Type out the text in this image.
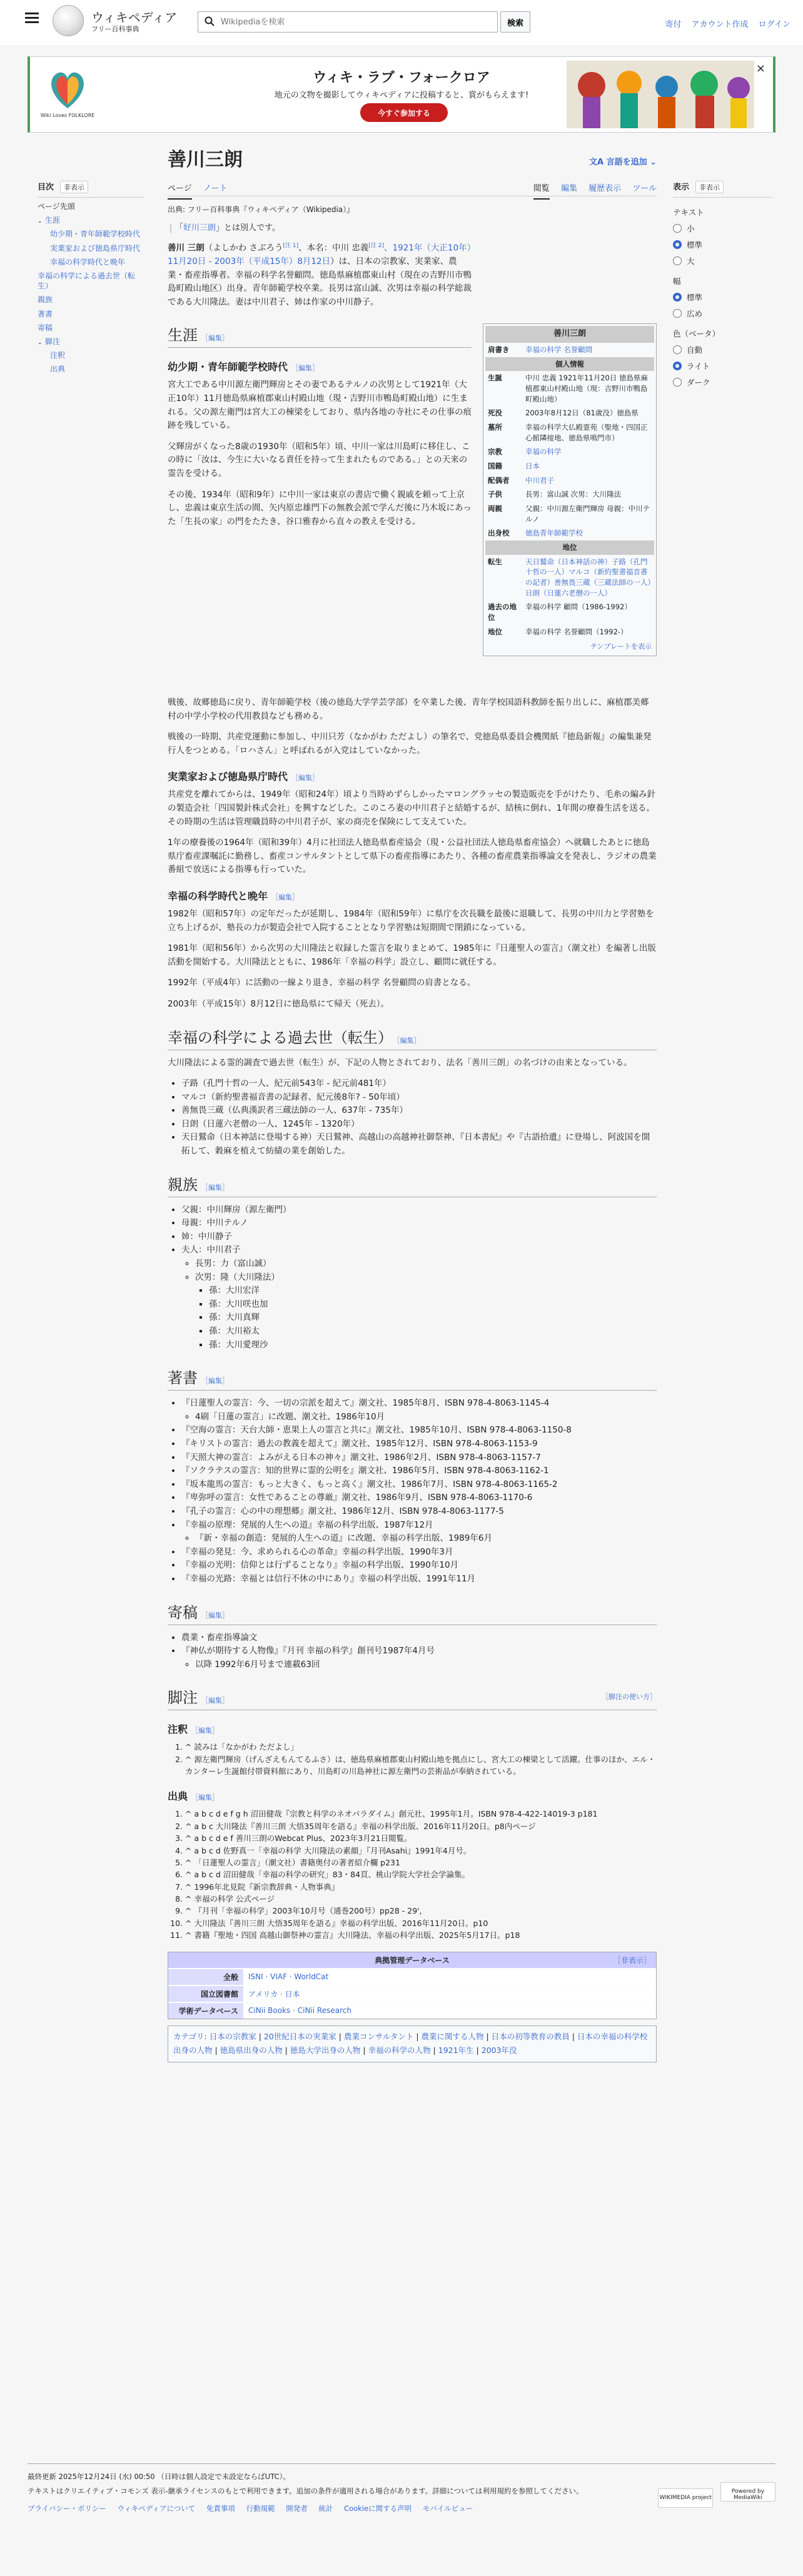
ウィキペディア
フリー百科事典
Wikipediaを検索
検索	寄付 アカウント作成 ログイン
Wiki Loves FOLKLORE
ウィキ・ラブ・フォークロア
地元の文物を撮影してウィキペディアに投稿すると、賞がもらえます!
今すぐ参加する
×
目次 非表示
ページ先頭
⌄ 生涯
幼少期・青年師範学校時代
実業家および徳島県庁時代
幸福の科学時代と晩年
幸福の科学による過去世（転生）
親族
著書
寄稿
⌄ 脚注
注釈
出典
表示 非表示
テキスト
小
標準
大
幅
標準
広め
色（ベータ）
自動
ライト
ダーク
善川三朗	文A 言語を追加 ⌄
ページ ノート	閲覧 編集 履歴表示 ツール
出典: フリー百科事典『ウィキペディア（Wikipedia）』
「好川三朗」とは別人です。

善川 三朗（よしかわ さぶろう[注 1]、本名：中川 忠義[注 2]、1921年（大正10年）11月20日 - 2003年（平成15年）8月12日）は、日本の宗教家、実業家、農業・畜産指導者。幸福の科学名誉顧問。徳島県麻植郡東山村（現在の吉野川市鴨島町殿山地区）出身。青年師範学校卒業。長男は富山誠、次男は幸福の科学総裁である大川隆法。妻は中川君子、姉は作家の中川静子。

生涯 ［編集］
幼少期・青年師範学校時代 ［編集］

宮大工である中川源左衛門輝房とその妻であるテルノの次男として1921年（大正10年）11月徳島県麻植郡東山村殿山地（現・吉野川市鴨島町殿山地）に生まれる。父の源左衛門は宮大工の棟梁をしており、県内各地の寺社にその仕事の痕跡を残している。

父輝房がくなった8歳の1930年（昭和5年）頃、中川一家は川島町に移住し、この時に「汝は、今生に大いなる責任を持って生まれたものである。」との天来の霊告を受ける。

その後、1934年（昭和9年）に中川一家は東京の書店で働く親戚を頼って上京し、忠義は東京生活の間、矢内原忠雄門下の無教会派で学んだ後に乃木坂にあった「生長の家」の門をたたき、谷口雅春から直々の教えを受ける。

善川三朗	
肩書き	幸福の科学 名誉顧問
個人情報	
生誕	中川 忠義 1921年11月20日 徳島県麻植郡東山村殿山地（現：吉野川市鴨島町殿山地）
死没	2003年8月12日（81歳没）徳島県
墓所	幸福の科学大仏殿霊苑（聖地・四国正心館隣接地、徳島県鳴門市）
宗教	幸福の科学
国籍	日本
配偶者	中川君子
子供	長男：富山誠 次男：大川隆法
両親	父親：中川源左衛門輝房 母親：中川テルノ
出身校	徳島青年師範学校
地位	
転生	天日鷲命（日本神話の神）子路（孔門十哲の一人）マルコ（新約聖書福音書の記者）善無畏三蔵（三蔵法師の一人）日朗（日蓮六老僧の一人）
過去の地位	幸福の科学 顧問（1986-1992）
地位	幸福の科学 名誉顧問（1992-）
テンプレートを表示

戦後、故郷徳島に戻り、青年師範学校（後の徳島大学学芸学部）を卒業した後、青年学校国語科教師を振り出しに、麻植郡美郷村の中学小学校の代用教員なども務める。

戦後の一時期、共産党運動に参加し、中川只芳（なかがわ ただよし）の筆名で、党徳島県委員会機関紙『徳島新報』の編集兼発行人をつとめる。「ロハさん」と呼ばれるが入党はしていなかった。

実業家および徳島県庁時代 ［編集］

共産党を離れてからは、1949年（昭和24年）頃より当時めずらしかったマロングラッセの製造販売を手がけたり、毛糸の編み針の製造会社「四国製針株式会社」を興すなどした。このころ妻の中川君子と結婚するが、結核に倒れ、1年間の療養生活を送る。その時期の生活は管理職員時の中川君子が、家の商売を保険にして支えていた。

1年の療養後の1964年（昭和39年）4月に社団法人徳島県畜産協会（現・公益社団法人徳島県畜産協会）へ就職したあとに徳島県庁畜産課嘱託に勤務し、畜産コンサルタントとして県下の畜産指導にあたり、各種の畜産農業指導論文を発表し、ラジオの農業番組で放送による指導も行っていた。

幸福の科学時代と晩年 ［編集］

1982年（昭和57年）の定年だったが延期し、1984年（昭和59年）に県庁を次長職を最後に退職して、長男の中川力と学習塾を立ち上げるが、塾長の力が製造会社で入院することとなり学習塾は短期間で閉鎖になっている。

1981年（昭和56年）から次男の大川隆法と収録した霊言を取りまとめて、1985年に『日蓮聖人の霊言』（潮文社）を編著し出版活動を開始する。大川隆法とともに、1986年「幸福の科学」設立し、顧問に就任する。

1992年（平成4年）に活動の一線より退き、幸福の科学 名誉顧問の肩書となる。

2003年（平成15年）8月12日に徳島県にて帰天（死去）。

幸福の科学による過去世（転生） ［編集］

大川隆法による霊的調査で過去世（転生）が、下記の人物とされており、法名「善川三朗」の名づけの由来となっている。

• 子路（孔門十哲の一人、紀元前543年 - 紀元前481年）
• マルコ（新約聖書福音書の記録者、紀元後8年? - 50年頃）
• 善無畏三蔵（仏典漢訳者三蔵法師の一人、637年 - 735年）
• 日朗（日蓮六老僧の一人、1245年 - 1320年）
• 天日鷲命（日本神話に登場する神）天日鷲神、高越山の高越神社御祭神、『日本書紀』や『古語拾遺』に登場し、阿波国を開拓して、穀麻を植えて紡績の業を創始した。
親族 ［編集］
• 父親：中川輝房（源左衛門）
• 母親：中川テルノ
• 姉：中川静子
• 夫人：中川君子
◦ 長男：力（富山誠）
◦ 次男：隆（大川隆法）
▪ 孫：大川宏洋
▪ 孫：大川咲也加
▪ 孫：大川真輝
▪ 孫：大川裕太
▪ 孫：大川愛理沙
著書 ［編集］
• 『日蓮聖人の霊言：今、一切の宗派を超えて』潮文社、1985年8月、ISBN 978-4-8063-1145-4
◦ 4刷「日蓮の霊言」に改題、潮文社、1986年10月
• 『空海の霊言：天台大師・恵果上人の霊言と共に』潮文社、1985年10月、ISBN 978-4-8063-1150-8
• 『キリストの霊言：過去の教義を超えて』潮文社、1985年12月、ISBN 978-4-8063-1153-9
• 『天照大神の霊言：よみがえる日本の神々』潮文社、1986年2月、ISBN 978-4-8063-1157-7
• 『ソクラテスの霊言：知的世界に霊的公明を』潮文社、1986年5月、ISBN 978-4-8063-1162-1
• 『坂本龍馬の霊言：もっと大きく、もっと高く』潮文社、1986年7月、ISBN 978-4-8063-1165-2
• 『卑弥呼の霊言：女性であることの尊厳』潮文社、1986年9月、ISBN 978-4-8063-1170-6
• 『孔子の霊言：心の中の理想郷』潮文社、1986年12月、ISBN 978-4-8063-1177-5
• 『幸福の原理：発展的人生への道』幸福の科学出版、1987年12月
◦ 『新・幸福の創造：発展的人生への道』に改題、幸福の科学出版、1989年6月
• 『幸福の発見：今、求められる心の革命』幸福の科学出版、1990年3月
• 『幸福の光明：信仰とは行ずることなり』幸福の科学出版、1990年10月
• 『幸福の光路：幸福とは信行不休の中にあり』幸福の科学出版、1991年11月
寄稿 ［編集］
• 農業・畜産指導論文
• 『神仏が期待する人物像』『月刊 幸福の科学』創刊号1987年4月号
◦ 以降 1992年6月号まで連載63回
脚注 ［編集］	［脚注の使い方］
注釈 ［編集］
1. ^ 読みは「なかがわ ただよし」
2. ^ 源左衛門輝房（げんざえもんてるふさ）は、徳島県麻植郡東山村殿山地を拠点にし、宮大工の棟梁として活躍。仕事のほか、エル・カンターレ生誕館付帯資料館にあり、川島町の川島神社に源左衛門の芸術品が奉納されている。
出典 ［編集］
1. ^ a b c d e f g h 沼田健哉『宗教と科学のネオパラダイム』創元社、1995年1月。ISBN 978-4-422-14019-3 p181
2. ^ a b c 大川隆法『善川三朗 大悟35周年を語る』幸福の科学出版、2016年11月20日。p8内ページ
3. ^ a b c d e f 善川三朗のWebcat Plus、2023年3月21日閲覧。
4. ^ a b c d 佐野真一「幸福の科学 大川隆法の素顔」『月刊Asahi』1991年4月号。
5. ^ 「日蓮聖人の霊言」（潮文社）書籍奥付の著者紹介欄 p231
6. ^ a b c d 沼田健哉「幸福の科学の研究」83・84頁、桃山学院大学社会学論集。
7. ^ 1996年北見院『新宗教辞典・人物事典』
8. ^ 幸福の科学 公式ページ
9. ^ 『月刊「幸福の科学」2003年10月号（通巻200号）pp28 - 29',
10. ^ 大川隆法『善川三朗 大悟35周年を語る』幸福の科学出版、2016年11月20日。p10
11. ^ 書籍『聖地・四国 高越山御祭神の霊言』大川隆法、幸福の科学出版、2025年5月17日。p18
典拠管理データベース	［非表示］
全般	ISNI · VIAF · WorldCat
国立図書館	アメリカ · 日本
学術データベース	CiNii Books · CiNii Research
カテゴリ: 日本の宗教家 | 20世紀日本の実業家 | 農業コンサルタント | 農業に関する人物 | 日本の初等教育の教員 | 日本の幸福の科学校出身の人物 | 徳島県出身の人物 | 徳島大学出身の人物 | 幸福の科学の人物 | 1921年生 | 2003年没

最終更新 2025年12月24日 (水) 00:50 （日時は個人設定で未設定ならばUTC）。

テキストはクリエイティブ・コモンズ 表示-継承ライセンスのもとで利用できます。追加の条件が適用される場合があります。詳細については利用規約を参照してください。

プライバシー・ポリシー ウィキペディアについて 免責事項 行動規範 開発者 統計 Cookieに関する声明 モバイルビュー
WIKIMEDIA project Powered by MediaWiki
